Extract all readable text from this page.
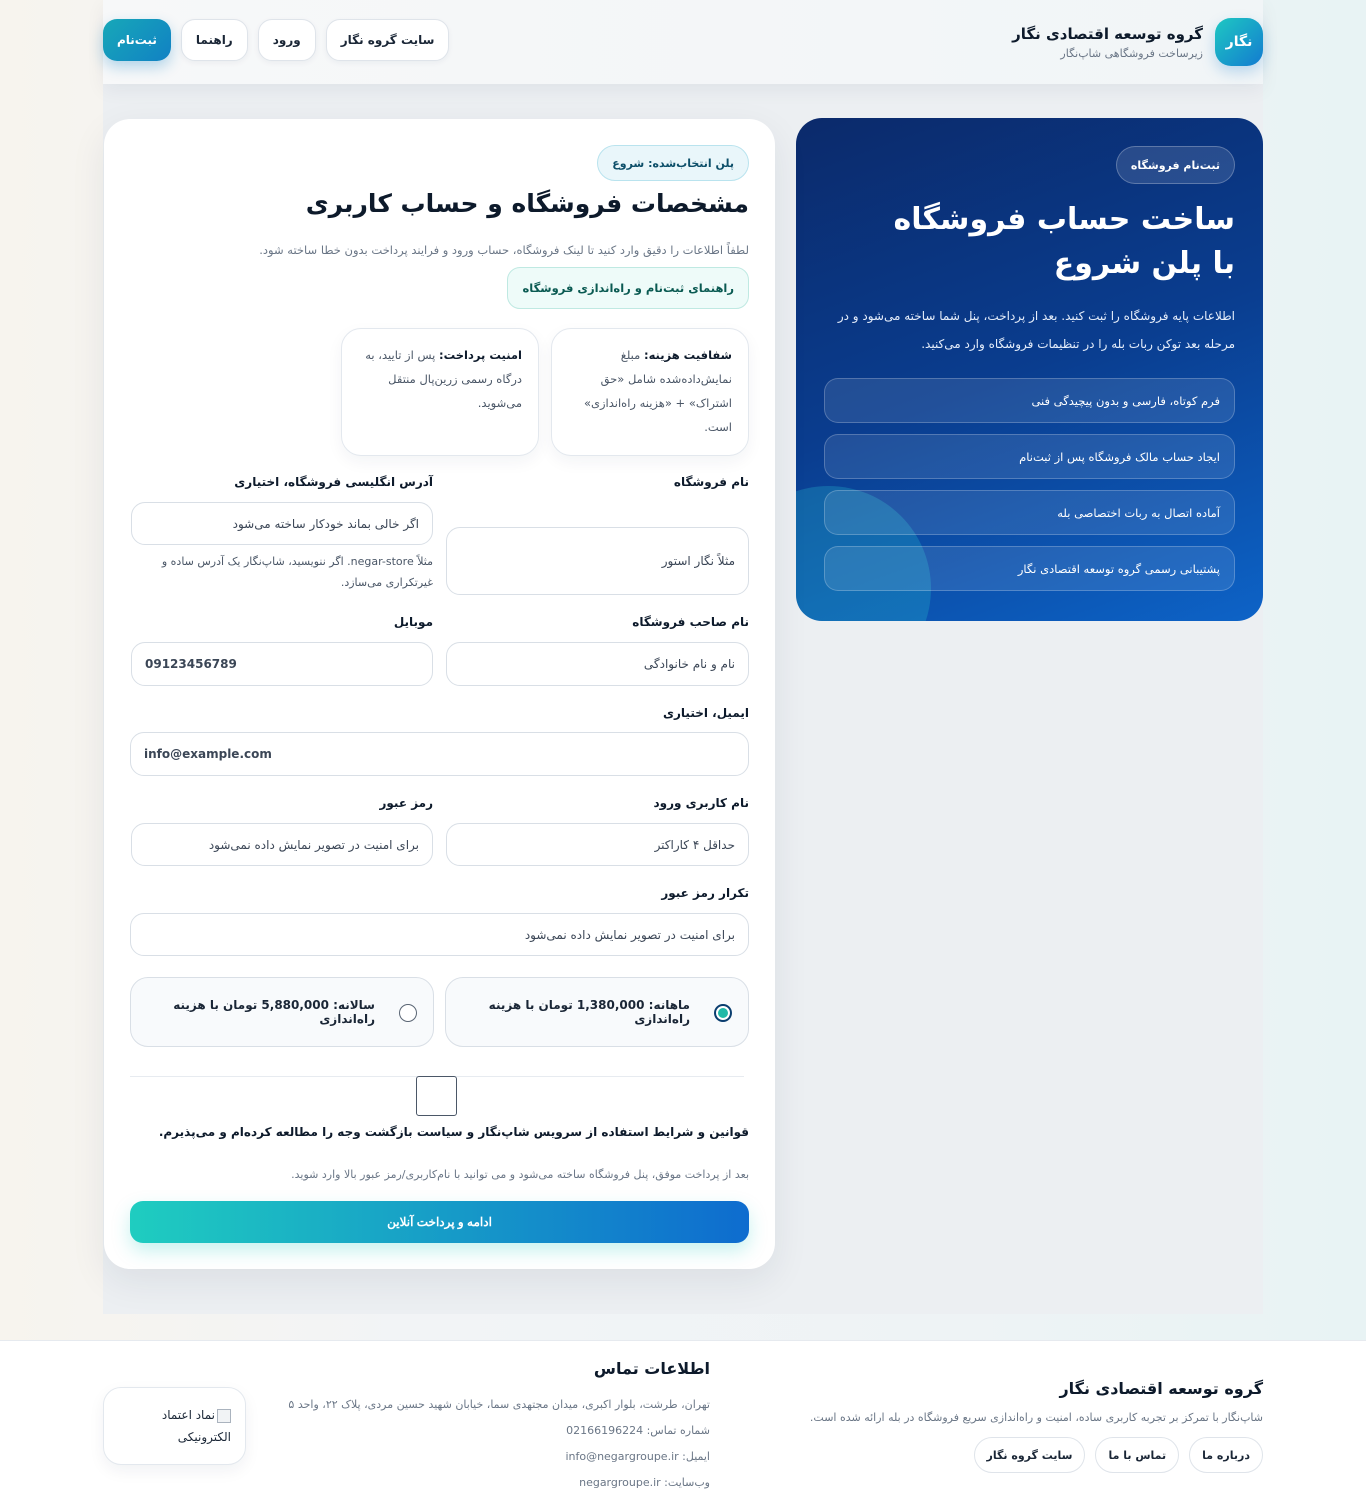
نگار
گروه توسعه اقتصادی نگار
زیرساخت فروشگاهی شاپ‌نگار
ثبت‌نام	راهنما	ورود	سایت گروه نگار
ثبت‌نام فروشگاه
ساخت حساب فروشگاه با پلن شروع

اطلاعات پایه فروشگاه را ثبت کنید. بعد از پرداخت، پنل شما ساخته می‌شود و در مرحله بعد توکن ربات بله را در تنظیمات فروشگاه وارد می‌کنید.

فرم کوتاه، فارسی و بدون پیچیدگی فنی
ایجاد حساب مالک فروشگاه پس از ثبت‌نام
آماده اتصال به ربات اختصاصی بله
پشتیبانی رسمی گروه توسعه اقتصادی نگار
پلن انتخاب‌شده: شروع
مشخصات فروشگاه و حساب کاربری

لطفاً اطلاعات را دقیق وارد کنید تا لینک فروشگاه، حساب ورود و فرایند پرداخت بدون خطا ساخته شود.

راهنمای ثبت‌نام و راه‌اندازی فروشگاه
شفافیت هزینه: مبلغ نمایش‌داده‌شده شامل «حق اشتراک» + «هزینه راه‌اندازی» است.
امنیت پرداخت: پس از تایید، به درگاه رسمی زرین‌پال منتقل می‌شوید.
نام فروشگاه
مثلاً نگار استور
آدرس انگلیسی فروشگاه، اختیاری
اگر خالی بماند خودکار ساخته می‌شود

مثلاً negar-store. اگر ننویسید، شاپ‌نگار یک آدرس ساده و غیرتکراری می‌سازد.

نام صاحب فروشگاه
نام و نام خانوادگی
موبایل
09123456789
ایمیل، اختیاری
info@example.com
نام کاربری ورود
حداقل ۴ کاراکتر
رمز عبور
برای امنیت در تصویر نمایش داده نمی‌شود
تکرار رمز عبور
برای امنیت در تصویر نمایش داده نمی‌شود
ماهانه: 1,380,000 تومان با هزینه راه‌اندازی
سالانه: 5,880,000 تومان با هزینه راه‌اندازی

قوانین و شرایط استفاده از سرویس شاپ‌نگار و سیاست بازگشت وجه را مطالعه کرده‌ام و می‌پذیرم.

بعد از پرداخت موفق، پنل فروشگاه ساخته می‌شود و می توانید با نام‌کاربری/رمز عبور بالا وارد شوید.

ادامه و پرداخت آنلاین
گروه توسعه اقتصادی نگار

شاپ‌نگار با تمرکز بر تجربه کاربری ساده، امنیت و راه‌اندازی سریع فروشگاه در بله ارائه شده است.

درباره ما
تماس با ما
سایت گروه نگار
اطلاعات تماس
تهران، طرشت، بلوار اکبری، میدان مجتهدی سما، خیابان شهید حسین مردی، پلاک ۲۲، واحد ۵
شماره تماس: 02166196224
ایمیل: info@negargroupe.ir
وب‌سایت: negargroupe.ir
نماد اعتماد الکترونیکی
